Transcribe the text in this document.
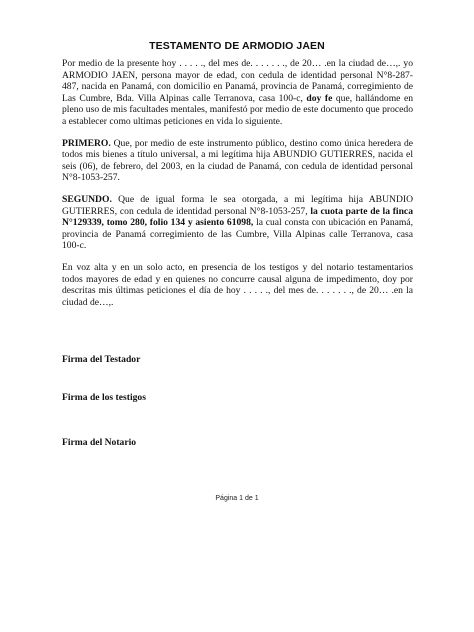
TESTAMENTO DE ARMODIO JAEN

Por medio de la presente hoy . . . . ., del mes de. . . . . . ., de 20… .en la ciudad de…,. yo ARMODIO JAEN, persona mayor de edad, con cedula de identidad personal N°8-287-487, nacida en Panamá, con domicilio en Panamá, provincia de Panamá, corregimiento de Las Cumbre, Bda. Villa Alpinas calle Terranova, casa 100-c, doy fe que, hallándome en pleno uso de mis facultades mentales, manifestó por medio de este documento que procedo a establecer como ultimas peticiones en vida lo siguiente.

PRIMERO. Que, por medio de este instrumento público, destino como única heredera de todos mis bienes a título universal, a mi legítima hija ABUNDIO GUTIERRES, nacida el seis (06), de febrero, del 2003, en la ciudad de Panamá, con cedula de identidad personal N°8-1053-257.

SEGUNDO. Que de igual forma le sea otorgada, a mi legítima hija ABUNDIO GUTIERRES, con cedula de identidad personal N°8-1053-257, la cuota parte de la finca N°129339, tomo 280, folio 134 y asiento 61098, la cual consta con ubicación en Panamá, provincia de Panamá corregimiento de las Cumbre, Villa Alpinas calle Terranova, casa 100-c.

En voz alta y en un solo acto, en presencia de los testigos y del notario testamentarios todos mayores de edad y en quienes no concurre causal alguna de impedimento, doy por descritas mis últimas peticiones el día de hoy . . . . ., del mes de. . . . . . ., de 20… .en la ciudad de…,.

Firma del Testador
Firma de los testigos
Firma del Notario
Página 1 de 1
